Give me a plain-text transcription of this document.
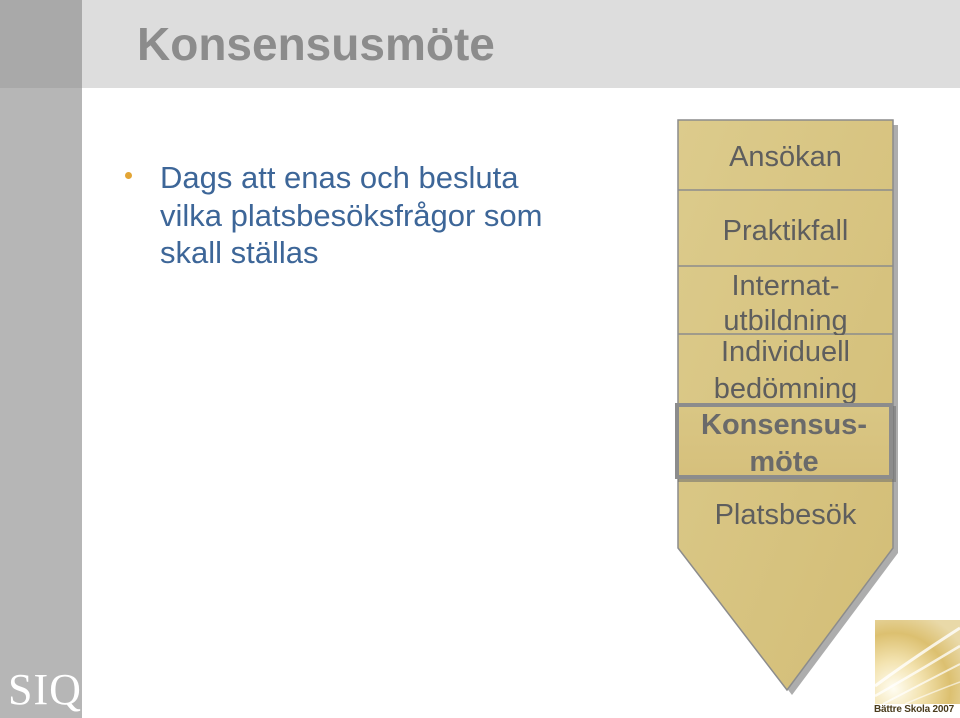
Konsensusmöte
Dags att enas och besluta
vilka platsbesöksfrågor som
skall ställas
Ansökan
Praktikfall
Internat-
utbildning
Individuell
bedömning
Konsensus-
möte
Platsbesök
SIQ	Bättre Skola 2007
